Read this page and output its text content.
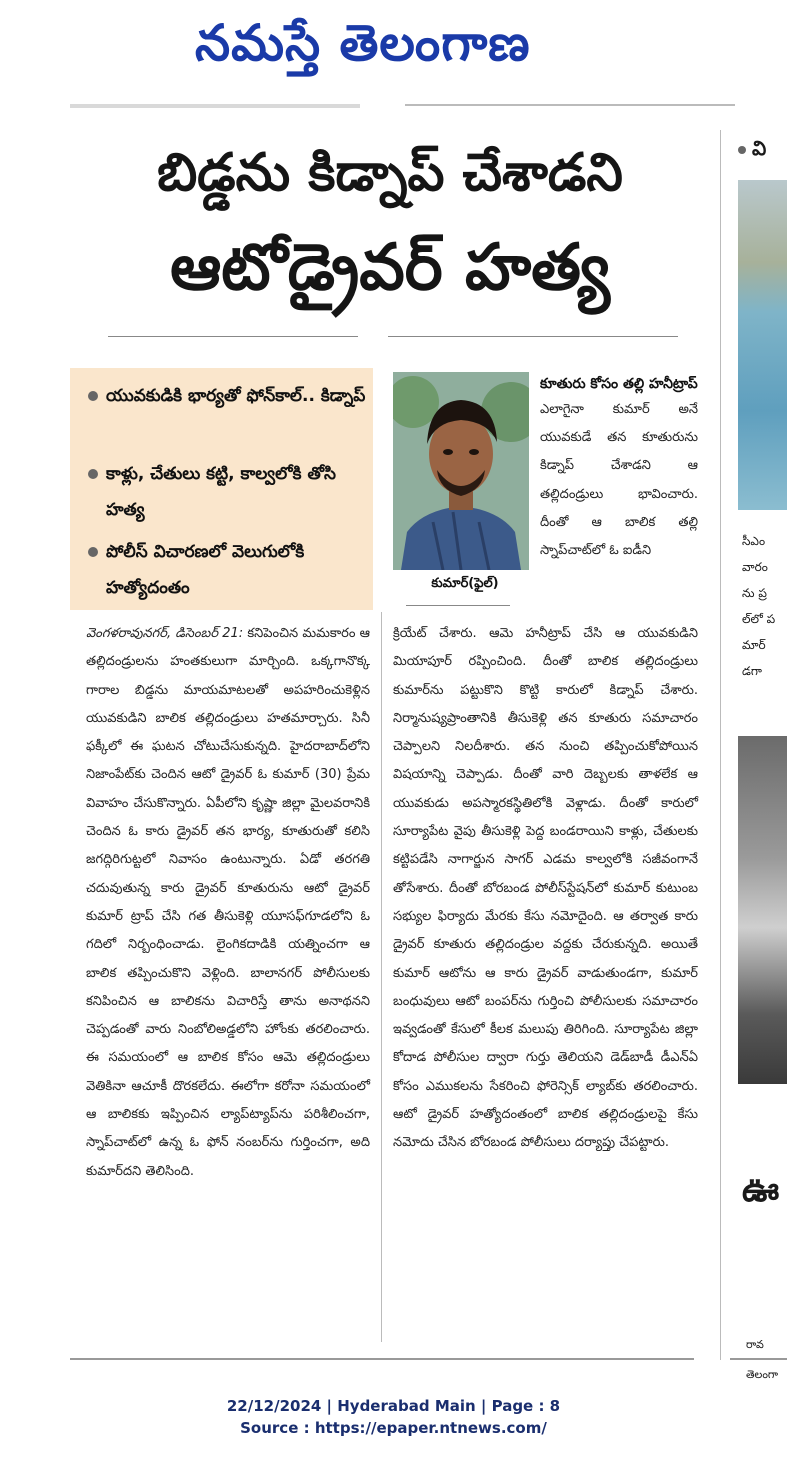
నమస్తే తెలంగాణ
బిడ్డను కిడ్నాప్ చేశాడని
ఆటోడ్రైవర్ హత్య
యువకుడికి భార్యతో ఫోన్‌కాల్.. కిడ్నాప్
కాళ్లు, చేతులు కట్టి, కాల్వలోకి తోసి హత్య
పోలీస్ విచారణలో వెలుగులోకి హత్యోదంతం	కుమార్(ఫైల్)
కూతురు కోసం తల్లి హనీట్రాప్
ఎలాగైనా కుమార్ అనే యువకుడే తన కూతురును కిడ్నాప్ చేశాడని ఆ తల్లిదండ్రులు భావించారు. దీంతో ఆ బాలిక తల్లి స్నాప్‌చాట్‌లో ఓ ఐడీని
వెంగళరావునగర్, డిసెంబర్ 21: కనిపెంచిన మమకారం ఆ తల్లిదండ్రులను హంతకులుగా మార్చింది. ఒక్కగానొక్క గారాల బిడ్డను మాయమాటలతో అపహరించుకెళ్లిన యువకుడిని బాలిక తల్లిదండ్రులు హతమార్చారు. సినీ ఫక్కీలో ఈ ఘటన చోటుచేసుకున్నది. హైదరాబాద్‌లోని నిజాంపేట్‌కు చెందిన ఆటో డ్రైవర్ ఓ కుమార్ (30) ప్రేమ వివాహం చేసుకొన్నారు. ఏపీలోని కృష్ణా జిల్లా మైలవరానికి చెందిన ఓ కారు డ్రైవర్ తన భార్య, కూతురుతో కలిసి జగద్గిరిగుట్టలో నివాసం ఉంటున్నారు. ఏడో తరగతి చదువుతున్న కారు డ్రైవర్ కూతురును ఆటో డ్రైవర్ కుమార్ ట్రాప్ చేసి గత తీసుకెళ్లి యూసఫ్‌గూడలోని ఓ గదిలో నిర్బంధించాడు. లైంగికదాడికి యత్నించగా ఆ బాలిక తప్పించుకొని వెళ్లింది. బాలానగర్ పోలీసులకు కనిపించిన ఆ బాలికను విచారిస్తే తాను అనాథనని చెప్పడంతో వారు నింబోలిఅడ్డలోని హోంకు తరలించారు. ఈ సమయంలో ఆ బాలిక కోసం ఆమె తల్లిదండ్రులు వెతికినా ఆచూకీ దొరకలేదు. ఈలోగా కరోనా సమయంలో ఆ బాలికకు ఇప్పించిన ల్యాప్‌ట్యాప్‌ను పరిశీలించగా, స్నాప్‌చాట్‌లో ఉన్న ఓ ఫోన్ నంబర్‌ను గుర్తించగా, అది కుమార్‌దని తెలిసింది.
క్రియేట్ చేశారు. ఆమె హనీట్రాప్ చేసి ఆ యువకుడిని మియాపూర్ రప్పించింది. దీంతో బాలిక తల్లిదండ్రులు కుమార్‌ను పట్టుకొని కొట్టి కారులో కిడ్నాప్ చేశారు. నిర్మానుష్యప్రాంతానికి తీసుకెళ్లి తన కూతురు సమాచారం చెప్పాలని నిలదీశారు. తన నుంచి తప్పించుకోపోయిన విషయాన్ని చెప్పాడు. దీంతో వారి దెబ్బలకు తాళలేక ఆ యువకుడు అపస్మారకస్థితిలోకి వెళ్లాడు. దీంతో కారులో సూర్యాపేట వైపు తీసుకెళ్లి పెద్ద బండరాయిని కాళ్లు, చేతులకు కట్టిపడేసి నాగార్జున సాగర్ ఎడమ కాల్వలోకి సజీవంగానే తోసేశారు. దీంతో బోరబండ పోలీస్‌స్టేషన్‌లో కుమార్ కుటుంబ సభ్యుల ఫిర్యాదు మేరకు కేసు నమోదైంది. ఆ తర్వాత కారు డ్రైవర్ కూతురు తల్లిదండ్రుల వద్దకు చేరుకున్నది. అయితే కుమార్ ఆటోను ఆ కారు డ్రైవర్ వాడుతుండగా, కుమార్ బంధువులు ఆటో బంపర్‌ను గుర్తించి పోలీసులకు సమాచారం ఇవ్వడంతో కేసులో కీలక మలుపు తిరిగింది. సూర్యాపేట జిల్లా కోదాడ పోలీసుల ద్వారా గుర్తు తెలియని డెడ్‌బాడీ డీఎన్ఏ కోసం ఎముకలను సేకరించి ఫోరెన్సిక్ ల్యాబ్‌కు తరలించారు. ఆటో డ్రైవర్ హత్యోదంతంలో బాలిక తల్లిదండ్రులపై కేసు నమోదు చేసిన బోరబండ పోలీసులు దర్యాప్తు చేపట్టారు.
వి
సీఎం
వారం
ను ప్ర
ల్‌లో ప
మార్
డగా
ఊ
రావ
తెలంగా
22/12/2024 | Hyderabad Main | Page : 8
Source : https://epaper.ntnews.com/
